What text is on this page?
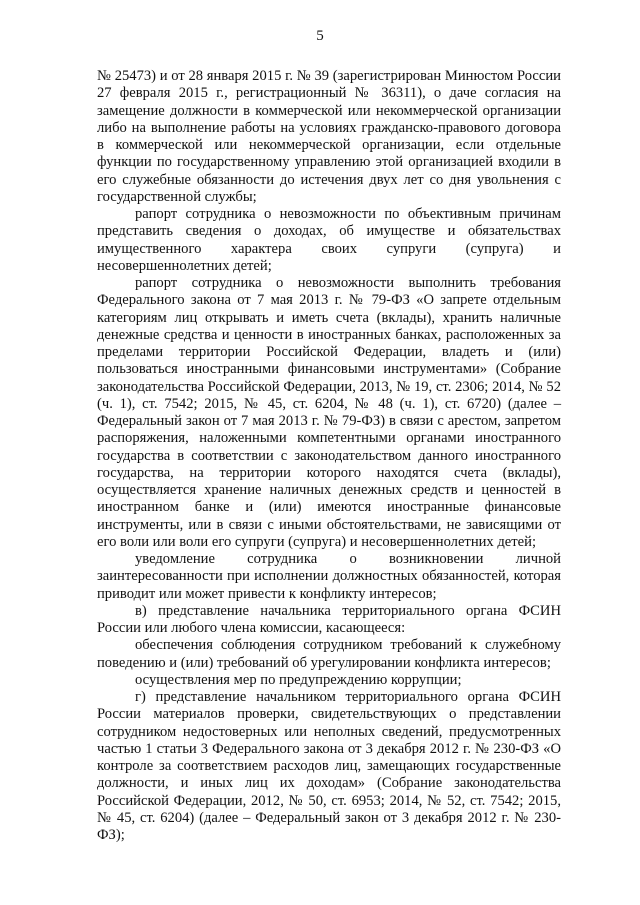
5

№ 25473) и от 28 января 2015 г. № 39 (зарегистрирован Минюстом России 27 февраля 2015 г., регистрационный № 36311), о даче согласия на замещение должности в коммерческой или некоммерческой организации либо на выполнение работы на условиях гражданско-правового договора в коммерческой или некоммерческой организации, если отдельные функции по государственному управлению этой организацией входили в его служебные обязанности до истечения двух лет со дня увольнения с государственной службы;

рапорт сотрудника о невозможности по объективным причинам представить сведения о доходах, об имуществе и обязательствах имущественного характера своих супруги (супруга) и несовершеннолетних детей;

рапорт сотрудника о невозможности выполнить требования Федерального закона от 7 мая 2013 г. № 79-ФЗ «О запрете отдельным категориям лиц открывать и иметь счета (вклады), хранить наличные денежные средства и ценности в иностранных банках, расположенных за пределами территории Российской Федерации, владеть и (или) пользоваться иностранными финансовыми инструментами» (Собрание законодательства Российской Федерации, 2013, № 19, ст. 2306; 2014, № 52 (ч. 1), ст. 7542; 2015, № 45, ст. 6204, № 48 (ч. 1), ст. 6720) (далее – Федеральный закон от 7 мая 2013 г. № 79-ФЗ) в связи с арестом, запретом распоряжения, наложенными компетентными органами иностранного государства в соответствии с законодательством данного иностранного государства, на территории которого находятся счета (вклады), осуществляется хранение наличных денежных средств и ценностей в иностранном банке и (или) имеются иностранные финансовые инструменты, или в связи с иными обстоятельствами, не зависящими от его воли или воли его супруги (супруга) и несовершеннолетних детей;

уведомление сотрудника о возникновении личной заинтересованности при исполнении должностных обязанностей, которая приводит или может привести к конфликту интересов;

в) представление начальника территориального органа ФСИН России или любого члена комиссии, касающееся:

обеспечения соблюдения сотрудником требований к служебному поведению и (или) требований об урегулировании конфликта интересов;

осуществления мер по предупреждению коррупции;

г) представление начальником территориального органа ФСИН России материалов проверки, свидетельствующих о представлении сотрудником недостоверных или неполных сведений, предусмотренных частью 1 статьи 3 Федерального закона от 3 декабря 2012 г. № 230-ФЗ «О контроле за соответствием расходов лиц, замещающих государственные должности, и иных лиц их доходам» (Собрание законодательства Российской Федерации, 2012, № 50, ст. 6953; 2014, № 52, ст. 7542; 2015, № 45, ст. 6204) (далее – Федеральный закон от 3 декабря 2012 г. № 230-ФЗ);
